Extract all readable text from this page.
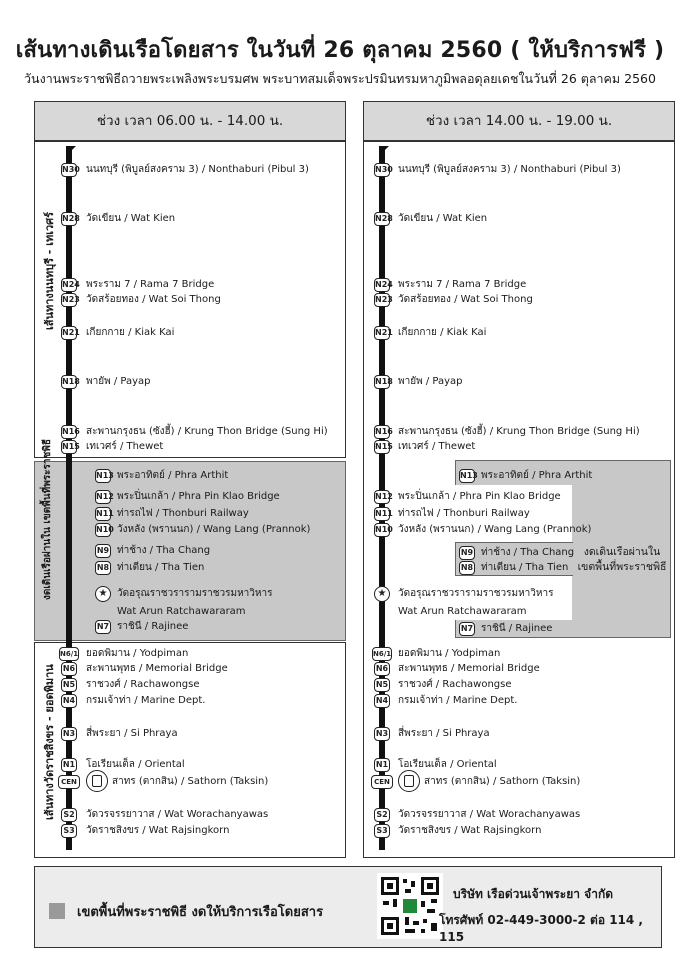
เส้นทางเดินเรือโดยสาร ในวันที่ 26 ตุลาคม 2560 ( ให้บริการฟรี )
วันงานพระราชพิธีถวายพระเพลิงพระบรมศพ พระบาทสมเด็จพระปรมินทรมหาภูมิพลอดุลยเดชในวันที่ 26 ตุลาคม 2560
ช่วง เวลา 06.00 น. - 14.00 น.
เส้นทางนนทบุรี - เทเวศร์
งดเดินเรือผ่านใน เขตพื้นที่พระราชพิธี
เส้นทางวัดราชสิงขร - ยอดพิมาน
N30 นนทบุรี (พิบูลย์สงคราม 3) / Nonthaburi (Pibul 3)
N28 วัดเขียน / Wat Kien
N24 พระราม 7 / Rama 7 Bridge
N23 วัดสร้อยทอง / Wat Soi Thong
N21 เกียกกาย / Kiak Kai
N18 พายัพ / Payap
N16 สะพานกรุงธน (ซังฮี้) / Krung Thon Bridge (Sung Hi)
N15 เทเวศร์ / Thewet
N13 พระอาทิตย์ / Phra Arthit
N12 พระปิ่นเกล้า / Phra Pin Klao Bridge
N11 ท่ารถไฟ / Thonburi Railway
N10 วังหลัง (พรานนก) / Wang Lang (Prannok)
N9 ท่าช้าง / Tha Chang
N8 ท่าเตียน / Tha Tien
★ วัดอรุณราชวรารามราชวรมหาวิหาร
Wat Arun Ratchawararam
N7 ราชินี / Rajinee
N6/1 ยอดพิมาน / Yodpiman
N6 สะพานพุทธ / Memorial Bridge
N5 ราชวงศ์ / Rachawongse
N4 กรมเจ้าท่า / Marine Dept.
N3 สี่พระยา / Si Phraya
N1 โอเรียนเต็ล / Oriental
CEN	สาทร (ตากสิน) / Sathorn (Taksin)
S2 วัดวรจรรยาวาส / Wat Worachanyawas
S3 วัดราชสิงขร / Wat Rajsingkorn
ช่วง เวลา 14.00 น. - 19.00 น.
งดเดินเรือผ่านใน เขตพื้นที่พระราชพิธี
N30 นนทบุรี (พิบูลย์สงคราม 3) / Nonthaburi (Pibul 3)
N28 วัดเขียน / Wat Kien
N24 พระราม 7 / Rama 7 Bridge
N23 วัดสร้อยทอง / Wat Soi Thong
N21 เกียกกาย / Kiak Kai
N18 พายัพ / Payap
N16 สะพานกรุงธน (ซังฮี้) / Krung Thon Bridge (Sung Hi)
N15 เทเวศร์ / Thewet
N13 พระอาทิตย์ / Phra Arthit
N12 พระปิ่นเกล้า / Phra Pin Klao Bridge
N11 ท่ารถไฟ / Thonburi Railway
N10 วังหลัง (พรานนก) / Wang Lang (Prannok)
N9 ท่าช้าง / Tha Chang
N8 ท่าเตียน / Tha Tien
★	วัดอรุณราชวรารามราชวรมหาวิหาร
Wat Arun Ratchawararam
N7 ราชินี / Rajinee
N6/1 ยอดพิมาน / Yodpiman
N6 สะพานพุทธ / Memorial Bridge
N5 ราชวงศ์ / Rachawongse
N4 กรมเจ้าท่า / Marine Dept.
N3 สี่พระยา / Si Phraya
N1 โอเรียนเต็ล / Oriental
CEN	สาทร (ตากสิน) / Sathorn (Taksin)
S2 วัดวรจรรยาวาส / Wat Worachanyawas
S3 วัดราชสิงขร / Wat Rajsingkorn
เขตพื้นที่พระราชพิธี งดให้บริการเรือโดยสาร
บริษัท เรือด่วนเจ้าพระยา จำกัด
โทรศัพท์ 02-449-3000-2 ต่อ 114 , 115
